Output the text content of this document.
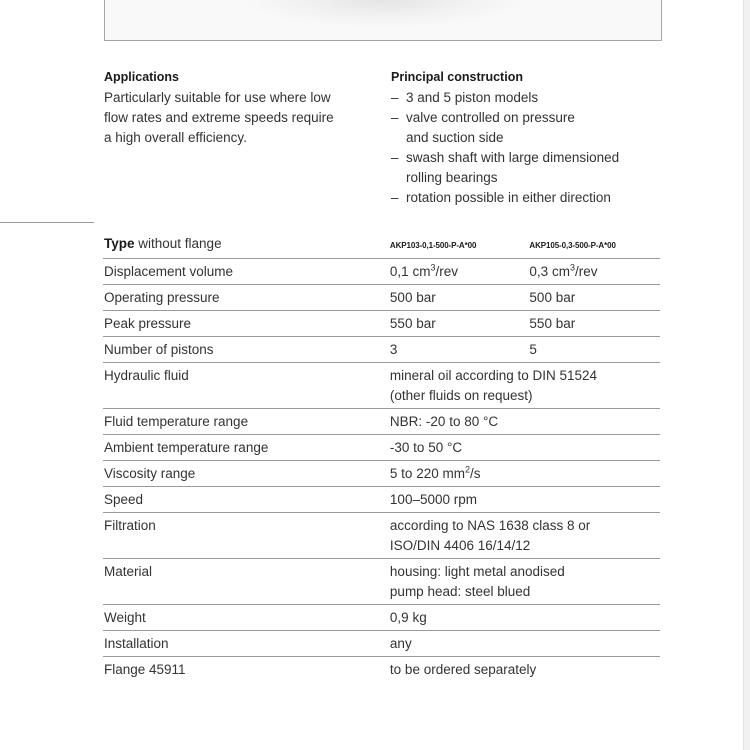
Applications
Particularly suitable for use where low
flow rates and extreme speeds require
a high overall efficiency.
Principal construction
– 3 and 5 piston models
– valve controlled on pressure
and suction side
– swash shaft with large dimensioned
rolling bearings
– rotation possible in either direction
Type without flange	AKP103-0,1-500-P-A*00	AKP105-0,3-500-P-A*00
Displacement volume	0,1 $cm^3$/rev	0,3 $cm^3$/rev
Operating pressure	500 bar	500 bar
Peak pressure	550 bar	550 bar
Number of pistons	3	5
Hydraulic fluid	mineral oil according to DIN 51524
(other fluids on request)	

Fluid temperature range	NBR: -20 to 80 °C	
Ambient temperature range	-30 to 50 °C	
Viscosity range	5 to 220 $mm^2/s$	
Speed	100–5000 rpm	
Filtration	according to NAS 1638 class 8 or
ISO/DIN 4406 16/14/12	

Material	housing: light metal anodised
pump head: steel blued	

Weight	0,9 kg	
Installation	any	
Flange 45911	to be ordered separately	
